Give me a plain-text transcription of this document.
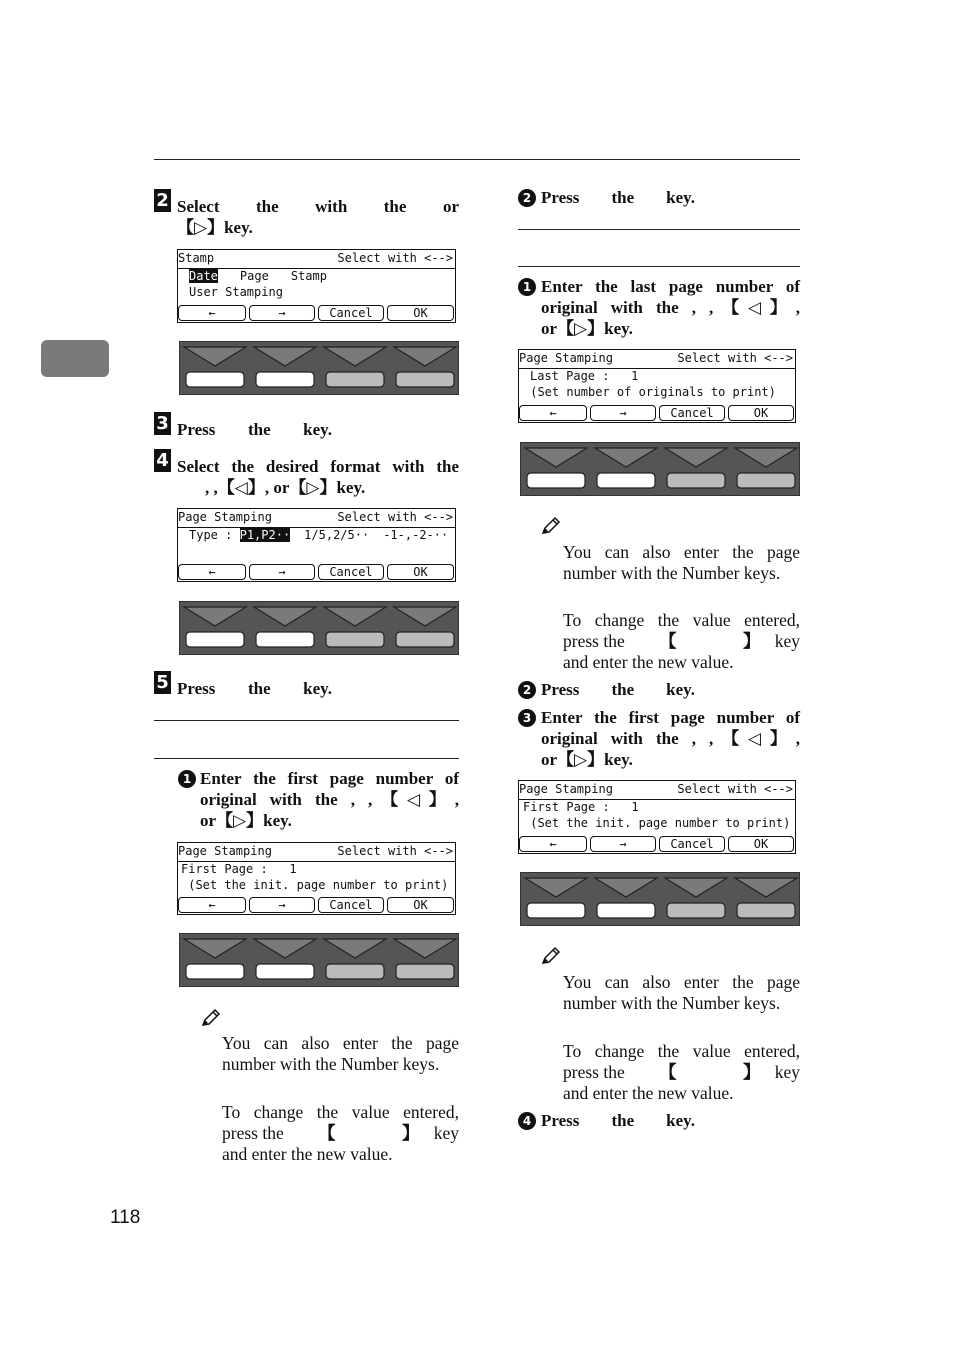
2 Select the with the or
【▷】key.
Stamp	Select with <-->
Date Page Stamp
User Stamping
←	→	Cancel	OK
3 Press the key.
4 Select the desired format with the
, ,【◁】, or【▷】key.
Page Stamping	Select with <-->
Type : P1,P2·· 1/5,2/5·· -1-,-2-··
←	→	Cancel	OK
5 Press the key.
1 Enter the first page number of
original with the , ,【◁】,
or【▷】key.
Page Stamping	Select with <-->
First Page :   1
(Set the init. page number to print)
←	→	Cancel	OK
You can also enter the page number with the Number keys.
To change the value entered,
press the 【	】 key
and enter the new value.
2 Press the key.
1 Enter the last page number of
original with the , ,【◁】,
or【▷】key.
Page Stamping	Select with <-->
Last Page :   1
(Set number of originals to print)
←	→	Cancel	OK
You can also enter the page number with the Number keys.
To change the value entered,
press the 【	】 key
and enter the new value.
2 Press the key.
3 Enter the first page number of
original with the , ,【◁】,
or【▷】key.
Page Stamping	Select with <-->
First Page :   1
(Set the init. page number to print)
←	→	Cancel	OK
You can also enter the page number with the Number keys.
To change the value entered,
press the 【	】 key
and enter the new value.
4 Press the key.
118
